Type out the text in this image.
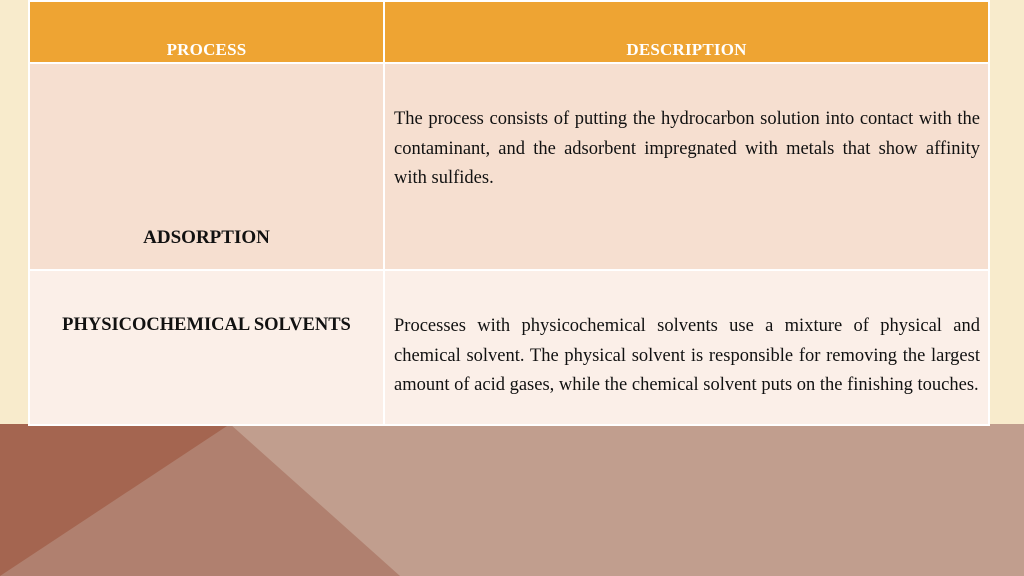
PROCESS	DESCRIPTION
ADSORPTION	The process consists of putting the hydrocarbon solution into contact with the contaminant, and the adsorbent impregnated with metals that show affinity with sulfides.
PHYSICOCHEMICAL SOLVENTS	Processes with physicochemical solvents use a mixture of physical and chemical solvent. The physical solvent is responsible for removing the largest amount of acid gases, while the chemical solvent puts on the finishing touches.
